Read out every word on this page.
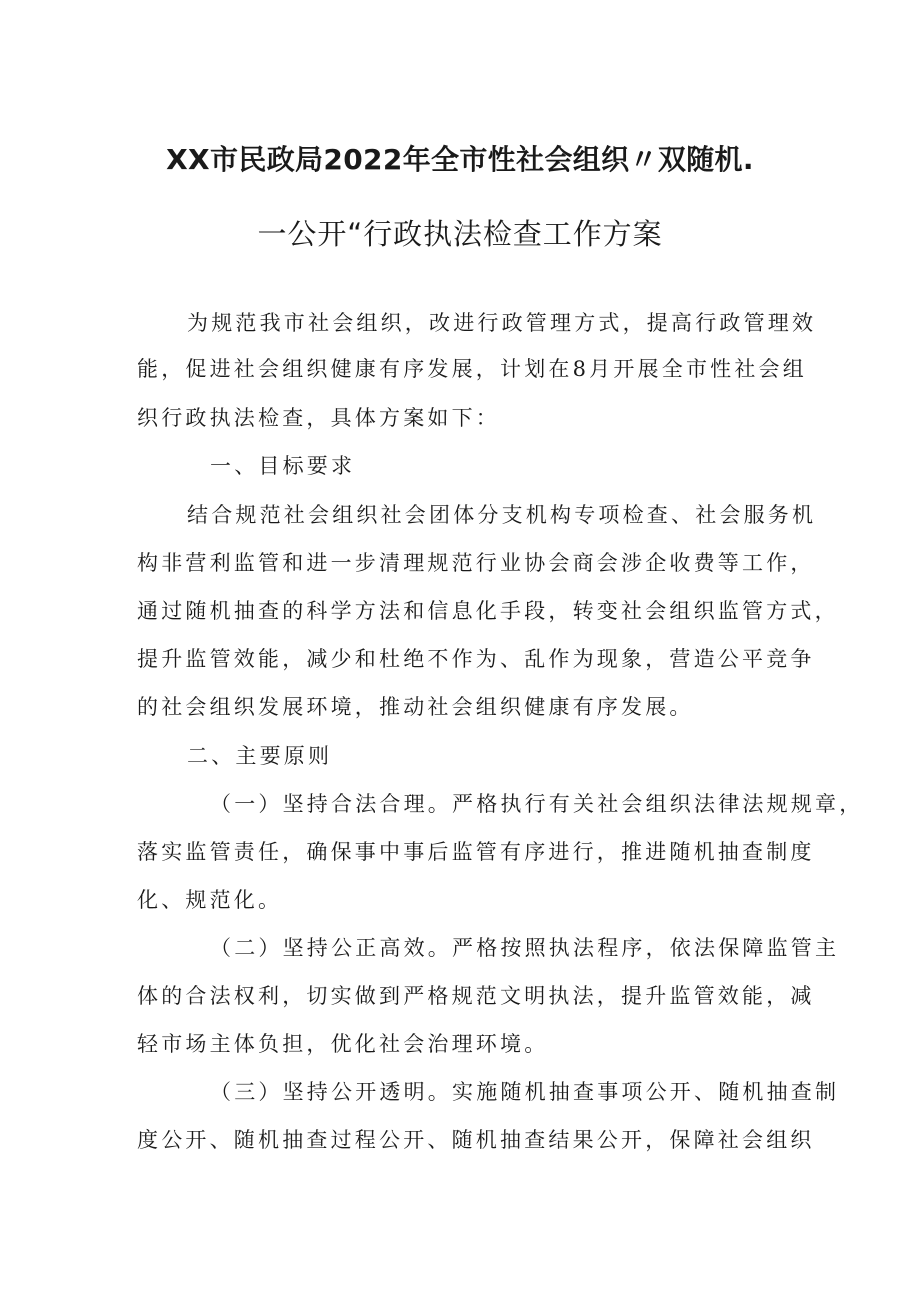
XX市民政局2022年全市性社会组织〃双随机.
一公开“行政执法检查工作方案
为规范我市社会组织，改进行政管理方式，提高行政管理效
能，促进社会组织健康有序发展，计划在8月开展全市性社会组
织行政执法检查，具体方案如下：
一、目标要求
结合规范社会组织社会团体分支机构专项检查、社会服务机
构非营利监管和进一步清理规范行业协会商会涉企收费等工作，
通过随机抽查的科学方法和信息化手段，转变社会组织监管方式，
提升监管效能，减少和杜绝不作为、乱作为现象，营造公平竞争
的社会组织发展环境，推动社会组织健康有序发展。
二、主要原则
（一）坚持合法合理。严格执行有关社会组织法律法规规章，
落实监管责任，确保事中事后监管有序进行，推进随机抽查制度
化、规范化。
（二）坚持公正高效。严格按照执法程序，依法保障监管主
体的合法权利，切实做到严格规范文明执法，提升监管效能，减
轻市场主体负担，优化社会治理环境。
（三）坚持公开透明。实施随机抽查事项公开、随机抽查制
度公开、随机抽查过程公开、随机抽查结果公开，保障社会组织
